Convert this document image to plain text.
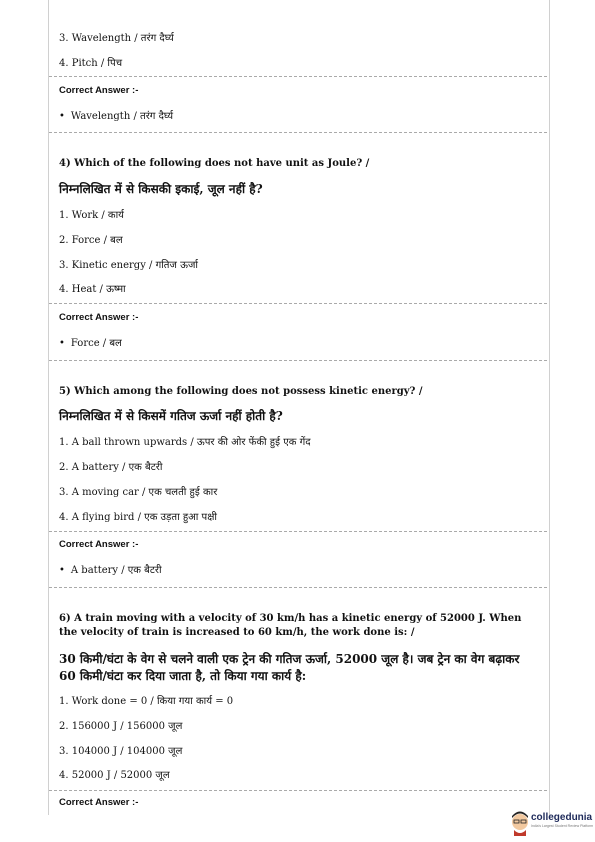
3. Wavelength / तरंग दैर्घ्य
4. Pitch / पिच
Correct Answer :-
• Wavelength / तरंग दैर्घ्य
4) Which of the following does not have unit as Joule? /
निम्नलिखित में से किसकी इकाई, जूल नहीं है?
1. Work / कार्य
2. Force / बल
3. Kinetic energy / गतिज ऊर्जा
4. Heat / ऊष्मा
Correct Answer :-
• Force / बल
5) Which among the following does not possess kinetic energy? /
निम्नलिखित में से किसमें गतिज ऊर्जा नहीं होती है?
1. A ball thrown upwards / ऊपर की ओर फेंकी हुई एक गेंद
2. A battery / एक बैटरी
3. A moving car / एक चलती हुई कार
4. A flying bird / एक उड़ता हुआ पक्षी
Correct Answer :-
• A battery / एक बैटरी
6) A train moving with a velocity of 30 km/h has a kinetic energy of 52000 J. When the velocity of train is increased to 60 km/h, the work done is: /
30 किमी/घंटा के वेग से चलने वाली एक ट्रेन की गतिज ऊर्जा, 52000 जूल है। जब ट्रेन का वेग बढ़ाकर 60 किमी/घंटा कर दिया जाता है, तो किया गया कार्य है:
1. Work done = 0 / किया गया कार्य = 0
2. 156000 J / 156000 जूल
3. 104000 J / 104000 जूल
4. 52000 J / 52000 जूल
Correct Answer :-
collegedunia
India's Largest Student Review Platform
